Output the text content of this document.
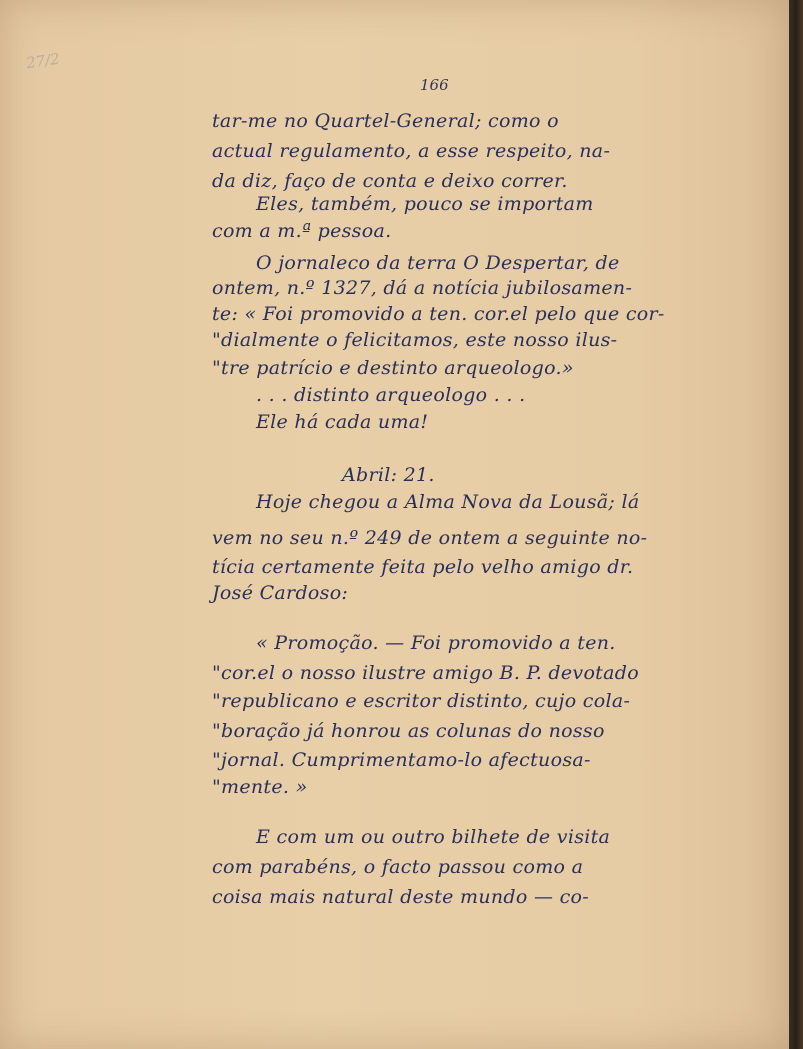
27/2
166
tar-me no Quartel-General; como o
actual regulamento, a esse respeito, na-
da diz, faço de conta e deixo correr.
Eles, também, pouco se importam
com a m.ª pessoa.
O jornaleco da terra O Despertar, de
ontem, n.º 1327, dá a notícia jubilosamen-
te: « Foi promovido a ten. cor.el pelo que cor-
"dialmente o felicitamos, este nosso ilus-
"tre patrício e destinto arqueologo.»
. . . distinto arqueologo . . .
Ele há cada uma!
Abril: 21.
Hoje chegou a Alma Nova da Lousã; lá
vem no seu n.º 249 de ontem a seguinte no-
tícia certamente feita pelo velho amigo dr.
José Cardoso:
« Promoção. — Foi promovido a ten.
"cor.el o nosso ilustre amigo B. P. devotado
"republicano e escritor distinto, cujo cola-
"boração já honrou as colunas do nosso
"jornal. Cumprimentamo-lo afectuosa-
"mente. »
E com um ou outro bilhete de visita
com parabéns, o facto passou como a
coisa mais natural deste mundo — co-
